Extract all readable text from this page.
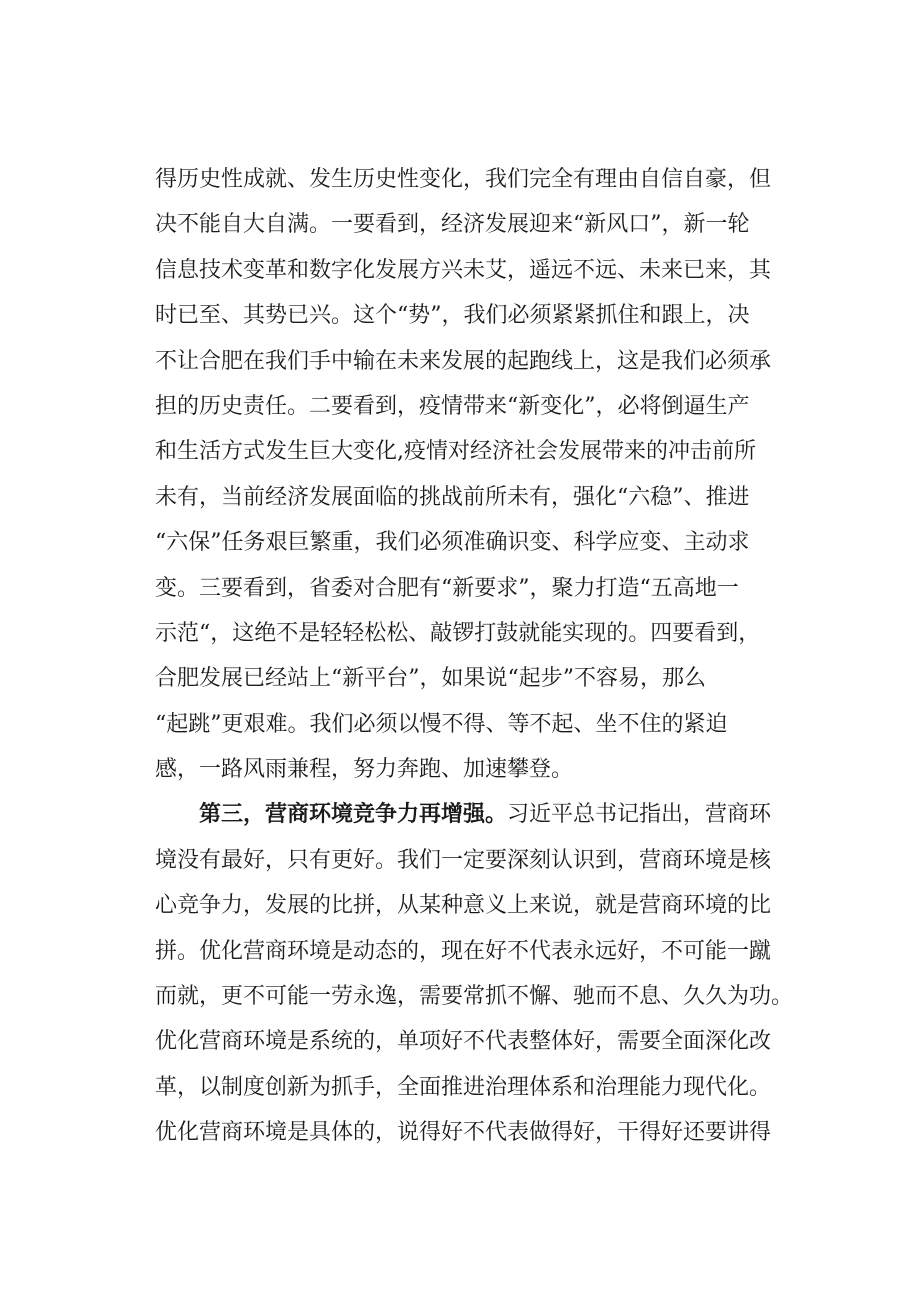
得历史性成就、发生历史性变化，我们完全有理由自信自豪，但
决不能自大自满。一要看到，经济发展迎来“新风口”，新一轮
信息技术变革和数字化发展方兴未艾，遥远不远、未来已来，其
时已至、其势已兴。这个“势”，我们必须紧紧抓住和跟上，决
不让合肥在我们手中输在未来发展的起跑线上，这是我们必须承
担的历史责任。二要看到，疫情带来“新变化”，必将倒逼生产
和生活方式发生巨大变化,疫情对经济社会发展带来的冲击前所
未有，当前经济发展面临的挑战前所未有，强化“六稳”、推进
“六保”任务艰巨繁重，我们必须准确识变、科学应变、主动求
变。三要看到，省委对合肥有“新要求”，聚力打造“五高地一
示范“，这绝不是轻轻松松、敲锣打鼓就能实现的。四要看到，
合肥发展已经站上“新平台”，如果说“起步”不容易，那么
“起跳”更艰难。我们必须以慢不得、等不起、坐不住的紧迫
感，一路风雨兼程，努力奔跑、加速攀登。
第三，营商环境竞争力再增强。习近平总书记指出，营商环
境没有最好，只有更好。我们一定要深刻认识到，营商环境是核
心竞争力，发展的比拼，从某种意义上来说，就是营商环境的比
拼。优化营商环境是动态的，现在好不代表永远好，不可能一蹴
而就，更不可能一劳永逸，需要常抓不懈、驰而不息、久久为功。
优化营商环境是系统的，单项好不代表整体好，需要全面深化改
革，以制度创新为抓手，全面推进治理体系和治理能力现代化。
优化营商环境是具体的，说得好不代表做得好，干得好还要讲得
